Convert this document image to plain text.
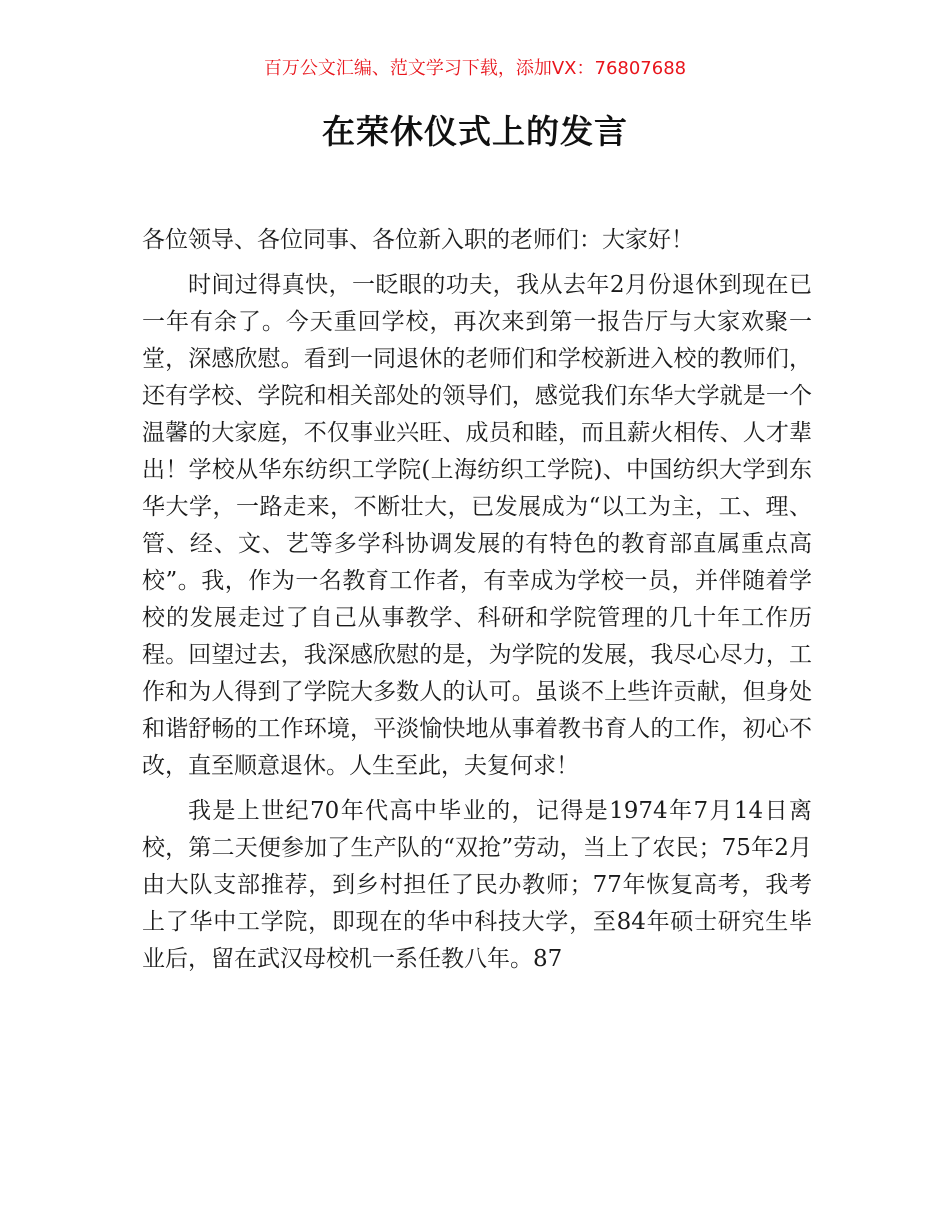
百万公文汇编、范文学习下载，添加VX：76807688
在荣休仪式上的发言

各位领导、各位同事、各位新入职的老师们：大家好！

时间过得真快，一眨眼的功夫，我从去年2月份退休到现在已一年有余了。今天重回学校，再次来到第一报告厅与大家欢聚一堂，深感欣慰。看到一同退休的老师们和学校新进入校的教师们，还有学校、学院和相关部处的领导们，感觉我们东华大学就是一个温馨的大家庭，不仅事业兴旺、成员和睦，而且薪火相传、人才辈出！学校从华东纺织工学院(上海纺织工学院)、中国纺织大学到东华大学，一路走来，不断壮大，已发展成为“以工为主，工、理、管、经、文、艺等多学科协调发展的有特色的教育部直属重点高校”。我，作为一名教育工作者，有幸成为学校一员，并伴随着学校的发展走过了自己从事教学、科研和学院管理的几十年工作历程。回望过去，我深感欣慰的是，为学院的发展，我尽心尽力，工作和为人得到了学院大多数人的认可。虽谈不上些许贡献，但身处和谐舒畅的工作环境，平淡愉快地从事着教书育人的工作，初心不改，直至顺意退休。人生至此，夫复何求！

我是上世纪70年代高中毕业的，记得是1974年7月14日离校，第二天便参加了生产队的“双抢”劳动，当上了农民；75年2月由大队支部推荐，到乡村担任了民办教师；77年恢复高考，我考上了华中工学院，即现在的华中科技大学，至84年硕士研究生毕业后，留在武汉母校机一系任教八年。87
